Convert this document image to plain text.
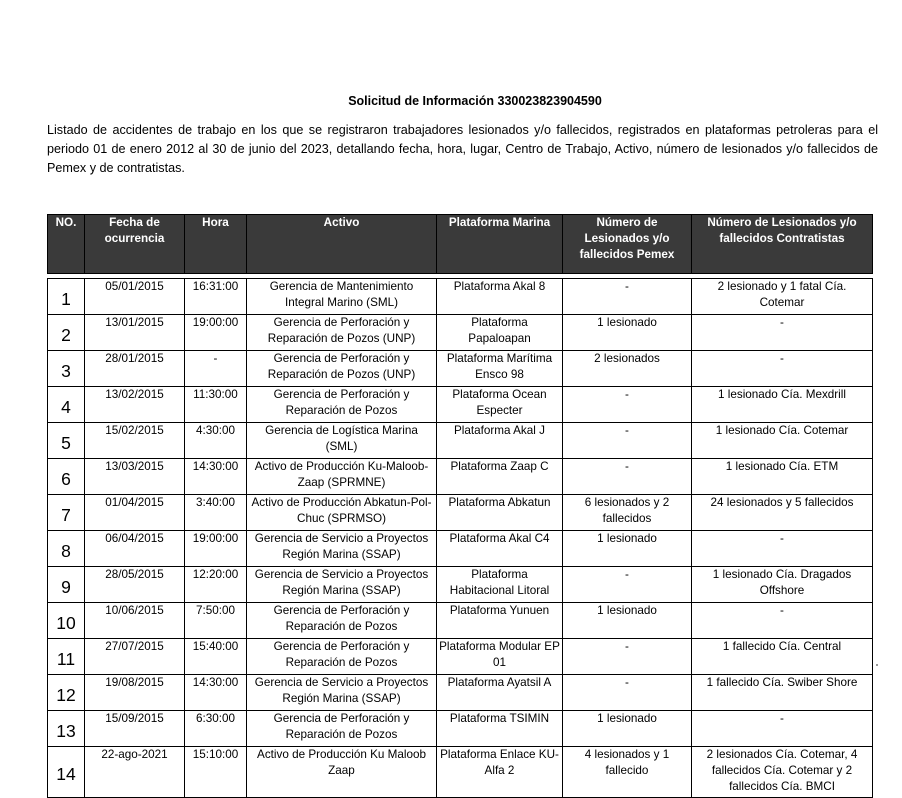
Solicitud de Información 330023823904590
Listado de accidentes de trabajo en los que se registraron trabajadores lesionados y/o fallecidos, registrados en plataformas petroleras para el periodo 01 de enero 2012 al 30 de junio del 2023, detallando fecha, hora, lugar, Centro de Trabajo, Activo, número de lesionados y/o fallecidos de Pemex y de contratistas.
NO.	Fecha de ocurrencia	Hora	Activo	Plataforma Marina	Número de Lesionados y/o fallecidos Pemex	Número de Lesionados y/o fallecidos Contratistas

1	05/01/2015	16:31:00	Gerencia de Mantenimiento Integral Marino (SML)	Plataforma Akal 8	-	2 lesionado y 1 fatal Cía. Cotemar
2	13/01/2015	19:00:00	Gerencia de Perforación y Reparación de Pozos (UNP)	Plataforma Papaloapan	1 lesionado	-
3	28/01/2015	-	Gerencia de Perforación y Reparación de Pozos (UNP)	Plataforma Marítima Ensco 98	2 lesionados	-
4	13/02/2015	11:30:00	Gerencia de Perforación y Reparación de Pozos	Plataforma Ocean Especter	-	1 lesionado Cía. Mexdrill
5	15/02/2015	4:30:00	Gerencia de Logística Marina (SML)	Plataforma Akal J	-	1 lesionado Cía. Cotemar
6	13/03/2015	14:30:00	Activo de Producción Ku-Maloob-Zaap (SPRMNE)	Plataforma Zaap C	-	1 lesionado Cía. ETM
7	01/04/2015	3:40:00	Activo de Producción Abkatun-Pol-Chuc (SPRMSO)	Plataforma Abkatun	6 lesionados y 2 fallecidos	24 lesionados y 5 fallecidos
8	06/04/2015	19:00:00	Gerencia de Servicio a Proyectos Región Marina (SSAP)	Plataforma Akal C4	1 lesionado	-
9	28/05/2015	12:20:00	Gerencia de Servicio a Proyectos Región Marina (SSAP)	Plataforma Habitacional Litoral	-	1 lesionado Cía. Dragados Offshore
10	10/06/2015	7:50:00	Gerencia de Perforación y Reparación de Pozos	Plataforma Yunuen	1 lesionado	-
11	27/07/2015	15:40:00	Gerencia de Perforación y Reparación de Pozos	Plataforma Modular EP 01	-	1 fallecido Cía. Central
12	19/08/2015	14:30:00	Gerencia de Servicio a Proyectos Región Marina (SSAP)	Plataforma Ayatsil A	-	1 fallecido Cía. Swiber Shore
13	15/09/2015	6:30:00	Gerencia de Perforación y Reparación de Pozos	Plataforma TSIMIN	1 lesionado	-
14	22-ago-2021	15:10:00	Activo de Producción Ku Maloob Zaap	Plataforma Enlace KU-Alfa 2	4 lesionados y 1 fallecido	2 lesionados Cía. Cotemar, 4 fallecidos Cía. Cotemar y 2 fallecidos Cía. BMCI
